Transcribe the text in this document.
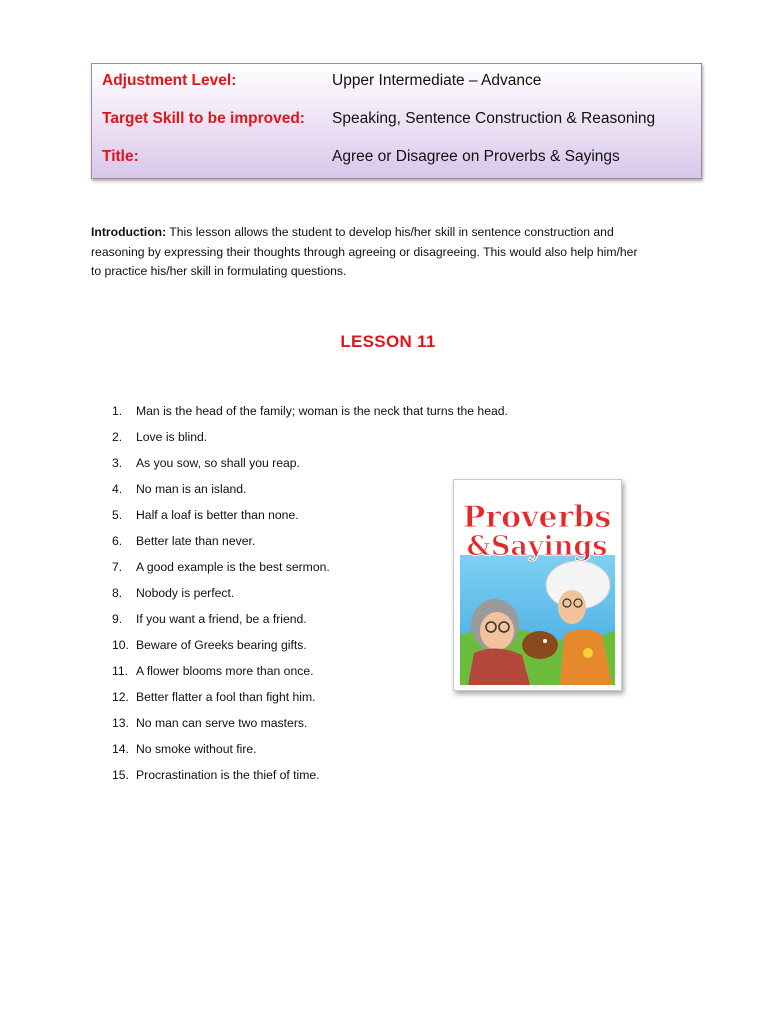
Adjustment Level:	Upper Intermediate – Advance
Target Skill to be improved: Speaking, Sentence Construction & Reasoning
Title:	Agree or Disagree on Proverbs & Sayings
Introduction: This lesson allows the student to develop his/her skill in sentence construction and
reasoning by expressing their thoughts through agreeing or disagreeing. This would also help him/her
to practice his/her skill in formulating questions.
LESSON 11
1.	Man is the head of the family; woman is the neck that turns the head.
2.	Love is blind.
3.	As you sow, so shall you reap.
4.	No man is an island.
5.	Half a loaf is better than none.
6.	Better late than never.
7.	A good example is the best sermon.
8.	Nobody is perfect.
9.	If you want a friend, be a friend.
10. Beware of Greeks bearing gifts.
11. A flower blooms more than once.
12. Better flatter a fool than fight him.
13. No man can serve two masters.
14. No smoke without fire.
15. Procrastination is the thief of time.
Proverbs
&Sayings
